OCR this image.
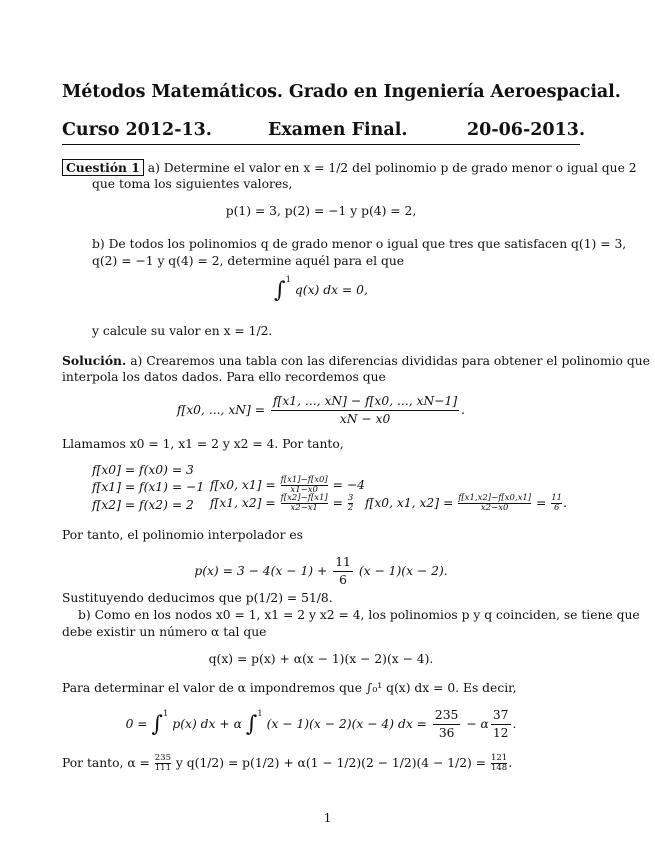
Métodos Matemáticos. Grado en Ingeniería Aeroespacial.
Curso 2012-13.	Examen Final.	20-06-2013.
Cuestión 1 a) Determine el valor en x = 1/2 del polinomio p de grado menor o igual que 2
que toma los siguientes valores,
p(1) = 3, p(2) = −1 y p(4) = 2,
b) De todos los polinomios q de grado menor o igual que tres que satisfacen q(1) = 3,
q(2) = −1 y q(4) = 2, determine aquél para el que
∫$^1$ q(x) dx = 0,
y calcule su valor en x = 1/2.
Solución. a) Crearemos una tabla con las diferencias divididas para obtener el polinomio que
interpola los datos dados. Para ello recordemos que
f[x0, ..., $xN] = \frac{f[x1, ..., xN] - f[x0, ..., xN-1]}{xN - x0}$ .
Llamamos x0 = 1, x1 = 2 y x2 = 4. Por tanto,
f[x0] = f(x0) = 3
f[x1] = f(x1) = −1 f[x0, $x1] = \frac{f[x1]-f[x0]}{x1-x0} = -4$
f[x2] = f(x2) = 2 f[x1, $x2] = \frac{f[x2]-f[x1]}{x2-x1} = \frac{3}{2} f[x0$, x1, $x2] = \frac{f[x1,x2]-f[x0,x1]}{x2-x0} = \frac{11}{6}$ .
Por tanto, el polinomio interpolador es
$p(x) = 3 - 4(x - 1) + \frac{11}{6} (x - 1)(x - 2)$.
Sustituyendo deducimos que p(1/2) = 51/8.
b) Como en los nodos x0 = 1, x1 = 2 y x2 = 4, los polinomios p y q coinciden, se tiene que
debe existir un número α tal que
q(x) = p(x) + α(x − 1)(x − 2)(x − 4).
Para determinar el valor de α impondremos que ∫₀¹ q(x) dx = 0. Es decir,
0 = ∫$^1$ p(x) dx + α ∫$^1$ (x − 1)(x − 2)(x − 4) dx = $\frac{235}{36} - \alpha \frac{37}{12}$ .
Por tanto, $\alpha = \frac{235}{111}$ y $q(1/2) = p(1/2) + \alpha(1 - 1/2)(2 - 1/2)(4 - 1/2) = \frac{121}{148}$ .
1
